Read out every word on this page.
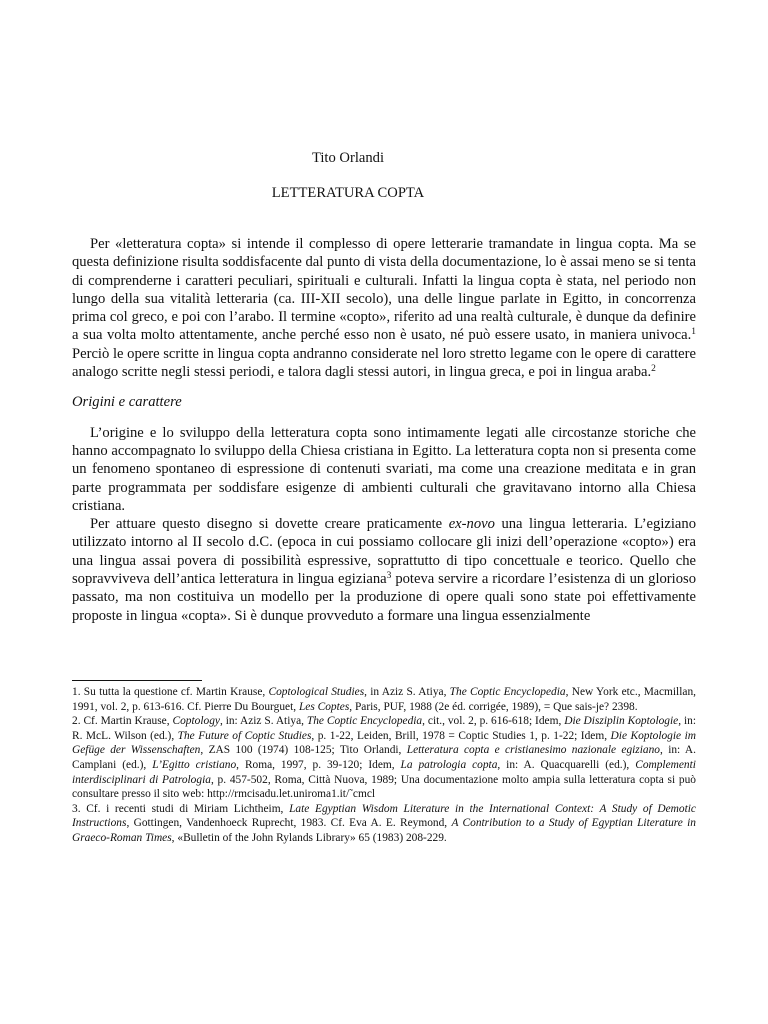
Tito Orlandi
LETTERATURA COPTA

Per «letteratura copta» si intende il complesso di opere letterarie tramandate in lingua copta. Ma se questa definizione risulta soddisfacente dal punto di vista della documentazione, lo è assai meno se si tenta di comprenderne i caratteri peculiari, spirituali e culturali. Infatti la lingua copta è stata, nel periodo non lungo della sua vitalità letteraria (ca. III-XII secolo), una delle lingue parlate in Egitto, in concorrenza prima col greco, e poi con l’arabo. Il termine «copto», riferito ad una realtà culturale, è dunque da definire a sua volta molto attentamente, anche perché esso non è usato, né può essere usato, in maniera univoca.$^1$ Perciò le opere scritte in lingua copta andranno considerate nel loro stretto legame con le opere di carattere analogo scritte negli stessi periodi, e talora dagli stessi autori, in lingua greca, e poi in lingua araba.$^2$

Origini e carattere

L’origine e lo sviluppo della letteratura copta sono intimamente legati alle circostanze storiche che hanno accompagnato lo sviluppo della Chiesa cristiana in Egitto. La letteratura copta non si presenta come un fenomeno spontaneo di espressione di contenuti svariati, ma come una creazione meditata e in gran parte programmata per soddisfare esigenze di ambienti culturali che gravitavano intorno alla Chiesa cristiana.

Per attuare questo disegno si dovette creare praticamente ex-novo una lingua letteraria. L’egiziano utilizzato intorno al II secolo d.C. (epoca in cui possiamo collocare gli inizi dell’operazione «copto») era una lingua assai povera di possibilità espressive, soprattutto di tipo concettuale e teorico. Quello che sopravviveva dell’antica letteratura in lingua egiziana$^3$ poteva servire a ricordare l’esistenza di un glorioso passato, ma non costituiva un modello per la produzione di opere quali sono state poi effettivamente proposte in lingua «copta». Si è dunque provveduto a formare una lingua essenzialmente

1. Su tutta la questione cf. Martin Krause, Coptological Studies, in Aziz S. Atiya, The Coptic Encyclopedia, New York etc., Macmillan, 1991, vol. 2, p. 613-616. Cf. Pierre Du Bourguet, Les Coptes, Paris, PUF, 1988 (2e éd. corrigée, 1989), = Que sais-je? 2398.

2. Cf. Martin Krause, Coptology, in: Aziz S. Atiya, The Coptic Encyclopedia, cit., vol. 2, p. 616-618; Idem, Die Disziplin Koptologie, in: R. McL. Wilson (ed.), The Future of Coptic Studies, p. 1-22, Leiden, Brill, 1978 = Coptic Studies 1, p. 1-22; Idem, Die Koptologie im Gefüge der Wissenschaften, ZAS 100 (1974) 108-125; Tito Orlandi, Letteratura copta e cristianesimo nazionale egiziano, in: A. Camplani (ed.), L’Egitto cristiano, Roma, 1997, p. 39-120; Idem, La patrologia copta, in: A. Quacquarelli (ed.), Complementi interdisciplinari di Patrologia, p. 457-502, Roma, Città Nuova, 1989; Una documentazione molto ampia sulla letteratura copta si può consultare presso il sito web: http://rmcisadu.let.uniroma1.it/˜cmcl

3. Cf. i recenti studi di Miriam Lichtheim, Late Egyptian Wisdom Literature in the International Context: A Study of Demotic Instructions, Gottingen, Vandenhoeck Ruprecht, 1983. Cf. Eva A. E. Reymond, A Contribution to a Study of Egyptian Literature in Graeco-Roman Times, «Bulletin of the John Rylands Library» 65 (1983) 208-229.
